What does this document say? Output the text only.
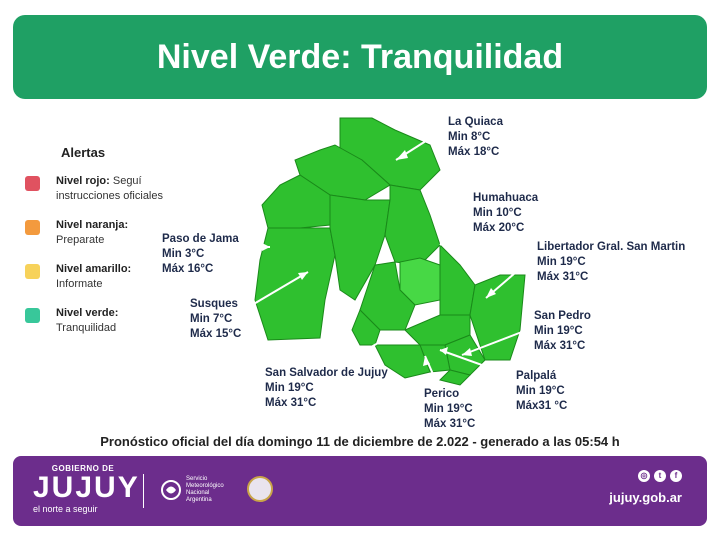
Nivel Verde: Tranquilidad
Alertas
Nivel rojo: Seguí instrucciones oficiales
Nivel naranja:
Preparate
Nivel amarillo:
Informate
Nivel verde:
Tranquilidad
La Quiaca
Min 8°C
Máx 18°C
Humahuaca
Min 10°C
Máx 20°C
Paso de Jama
Min 3°C
Máx 16°C
Libertador Gral. San Martin
Min 19°C
Máx 31°C
Susques
Min 7°C
Máx 15°C
San Pedro
Min 19°C
Máx 31°C
San Salvador de Jujuy
Min 19°C
Máx 31°C
Palpalá
Min 19°C
Máx31 °C
Perico
Min 19°C
Máx 31°C
Pronóstico oficial del día domingo 11 de diciembre de 2.022 - generado a las 05:54 h
GOBIERNO DE
JUJUY
el norte a seguir
Servicio
Meteorológico
Nacional
Argentina
◎	t	f
jujuy.gob.ar
